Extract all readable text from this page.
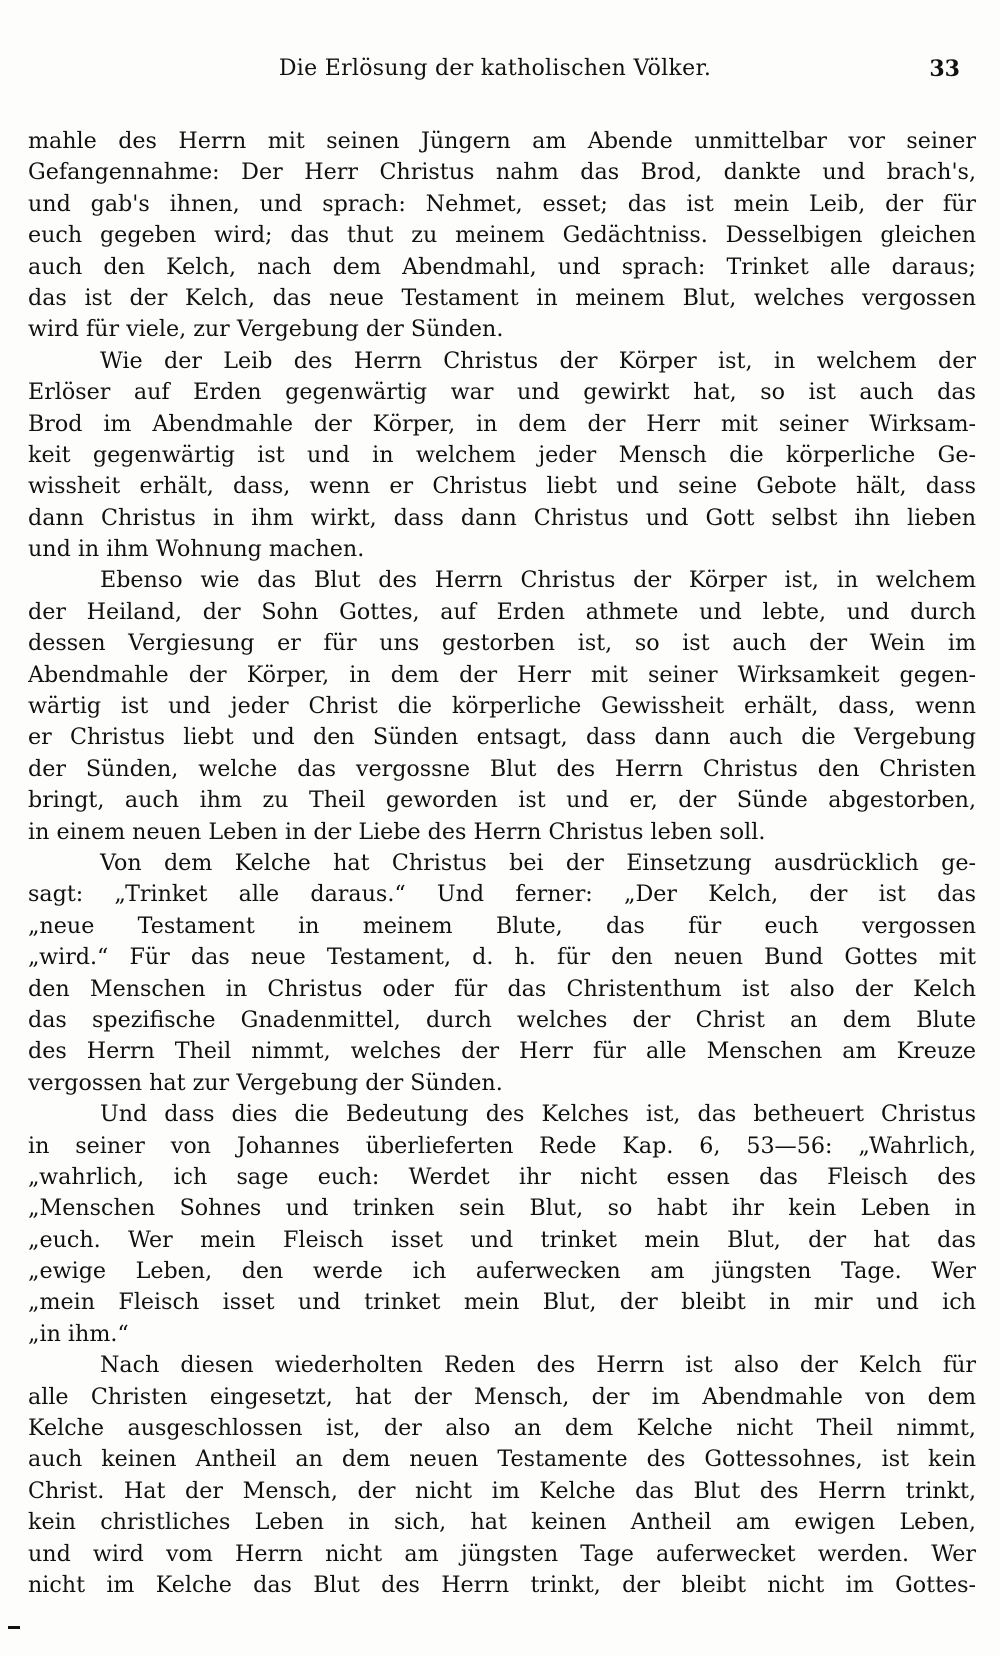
Die Erlösung der katholischen Völker.	33
mahle des Herrn mit seinen Jüngern am Abende unmittelbar vor seiner
Gefangennahme: Der Herr Christus nahm das Brod, dankte und brach's,
und gab's ihnen, und sprach: Nehmet, esset; das ist mein Leib, der für
euch gegeben wird; das thut zu meinem Gedächtniss. Desselbigen gleichen
auch den Kelch, nach dem Abendmahl, und sprach: Trinket alle daraus;
das ist der Kelch, das neue Testament in meinem Blut, welches vergossen
wird für viele, zur Vergebung der Sünden.
Wie der Leib des Herrn Christus der Körper ist, in welchem der
Erlöser auf Erden gegenwärtig war und gewirkt hat, so ist auch das
Brod im Abendmahle der Körper, in dem der Herr mit seiner Wirksam-
keit gegenwärtig ist und in welchem jeder Mensch die körperliche Ge-
wissheit erhält, dass, wenn er Christus liebt und seine Gebote hält, dass
dann Christus in ihm wirkt, dass dann Christus und Gott selbst ihn lieben
und in ihm Wohnung machen.
Ebenso wie das Blut des Herrn Christus der Körper ist, in welchem
der Heiland, der Sohn Gottes, auf Erden athmete und lebte, und durch
dessen Vergiesung er für uns gestorben ist, so ist auch der Wein im
Abendmahle der Körper, in dem der Herr mit seiner Wirksamkeit gegen-
wärtig ist und jeder Christ die körperliche Gewissheit erhält, dass, wenn
er Christus liebt und den Sünden entsagt, dass dann auch die Vergebung
der Sünden, welche das vergossne Blut des Herrn Christus den Christen
bringt, auch ihm zu Theil geworden ist und er, der Sünde abgestorben,
in einem neuen Leben in der Liebe des Herrn Christus leben soll.
Von dem Kelche hat Christus bei der Einsetzung ausdrücklich ge-
sagt: „Trinket alle daraus.“ Und ferner: „Der Kelch, der ist das
„neue Testament in meinem Blute, das für euch vergossen
„wird.“ Für das neue Testament, d. h. für den neuen Bund Gottes mit
den Menschen in Christus oder für das Christenthum ist also der Kelch
das spezifische Gnadenmittel, durch welches der Christ an dem Blute
des Herrn Theil nimmt, welches der Herr für alle Menschen am Kreuze
vergossen hat zur Vergebung der Sünden.
Und dass dies die Bedeutung des Kelches ist, das betheuert Christus
in seiner von Johannes überlieferten Rede Kap. 6, 53—56: „Wahrlich,
„wahrlich, ich sage euch: Werdet ihr nicht essen das Fleisch des
„Menschen Sohnes und trinken sein Blut, so habt ihr kein Leben in
„euch. Wer mein Fleisch isset und trinket mein Blut, der hat das
„ewige Leben, den werde ich auferwecken am jüngsten Tage. Wer
„mein Fleisch isset und trinket mein Blut, der bleibt in mir und ich
„in ihm.“
Nach diesen wiederholten Reden des Herrn ist also der Kelch für
alle Christen eingesetzt, hat der Mensch, der im Abendmahle von dem
Kelche ausgeschlossen ist, der also an dem Kelche nicht Theil nimmt,
auch keinen Antheil an dem neuen Testamente des Gottessohnes, ist kein
Christ. Hat der Mensch, der nicht im Kelche das Blut des Herrn trinkt,
kein christliches Leben in sich, hat keinen Antheil am ewigen Leben,
und wird vom Herrn nicht am jüngsten Tage auferwecket werden. Wer
nicht im Kelche das Blut des Herrn trinkt, der bleibt nicht im Gottes-
